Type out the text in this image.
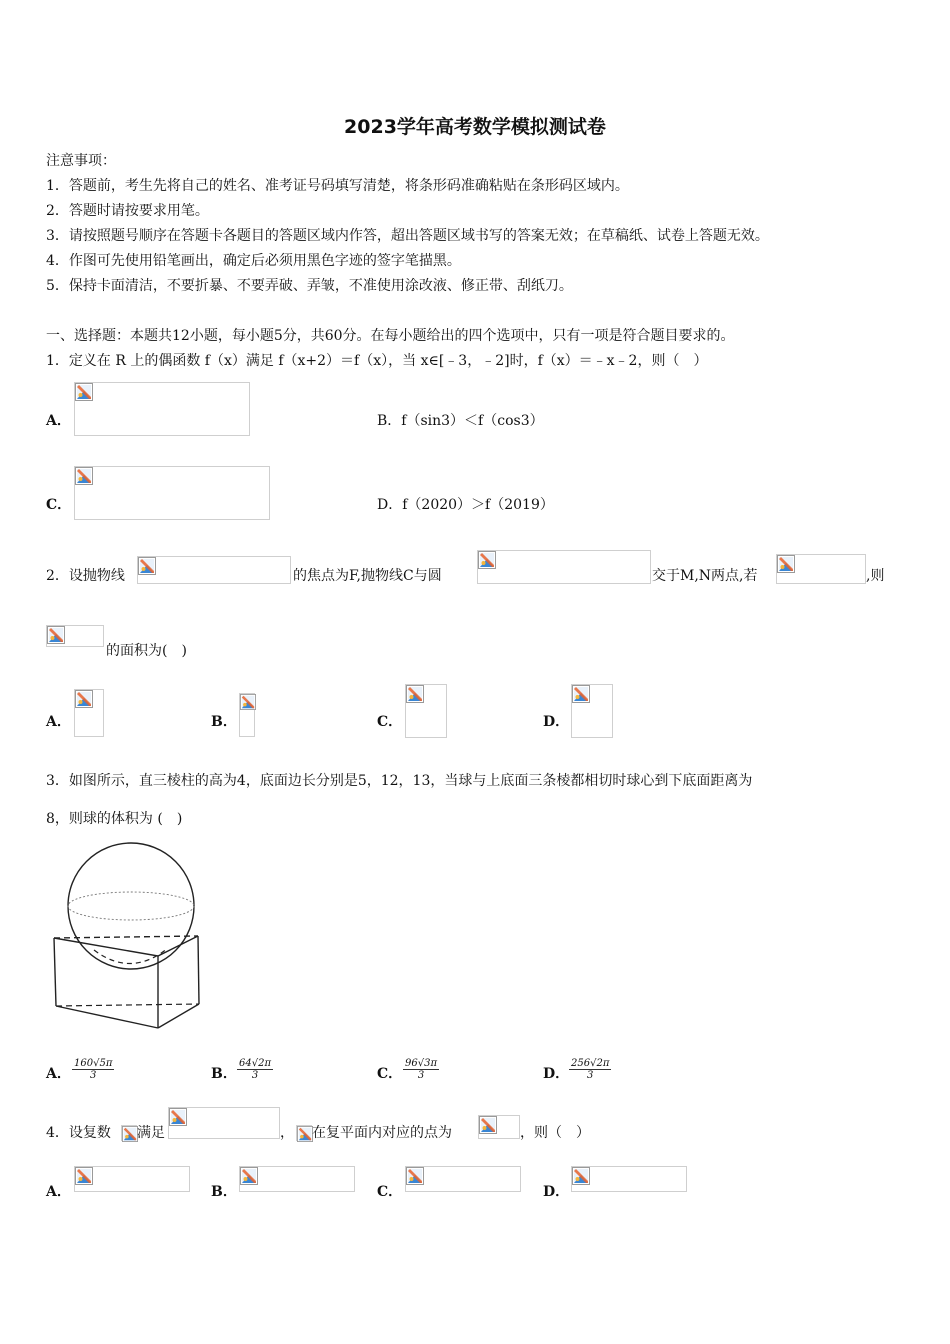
2023学年高考数学模拟测试卷
注意事项：
1．答题前，考生先将自己的姓名、准考证号码填写清楚，将条形码准确粘贴在条形码区域内。
2．答题时请按要求用笔。
3．请按照题号顺序在答题卡各题目的答题区域内作答，超出答题区域书写的答案无效；在草稿纸、试卷上答题无效。
4．作图可先使用铅笔画出，确定后必须用黑色字迹的签字笔描黑。
5．保持卡面清洁，不要折暴、不要弄破、弄皱，不准使用涂改液、修正带、刮纸刀。
一、选择题：本题共12小题，每小题5分，共60分。在每小题给出的四个选项中，只有一项是符合题目要求的。
1．定义在 R 上的偶函数 f（x）满足 f（x+2）＝f（x），当 x∈[﹣3，﹣2]时，f（x）＝﹣x﹣2，则（　）
A．	B．f（sin3）＜f（cos3）
C．	D．f（2020）＞f（2019）
2．设抛物线	的焦点为F,抛物线C与圆	交于M,N两点,若	,则
的面积为(　)
A．	B．	C．	D．
3．如图所示，直三棱柱的高为4，底面边长分别是5，12，13，当球与上底面三条棱都相切时球心到下底面距离为
8，则球的体积为 (　)
A． $\frac{160√5\pi}{3}$	B． $\frac{64√2\pi}{3}$	C． $\frac{96√3\pi}{3}$	D． $\frac{256√2\pi}{3}$
4．设复数 满足	， 在复平面内对应的点为	，则（　）
A．	B．	C．	D．
